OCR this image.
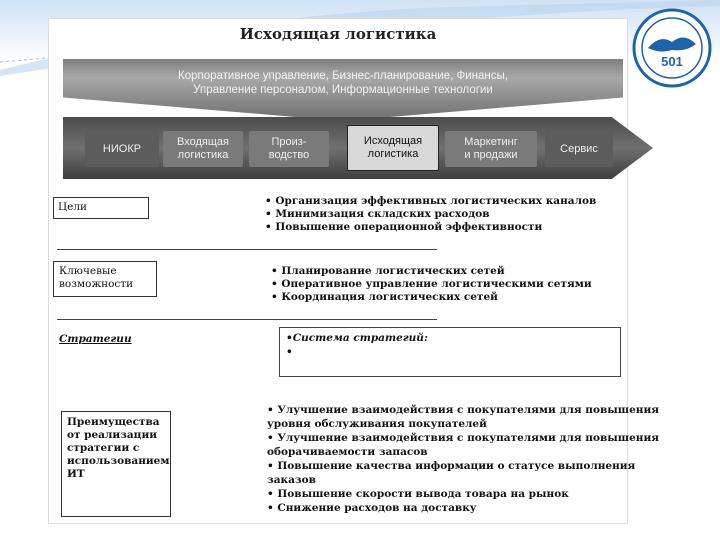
Исходящая логистика
Корпоративное управление, Бизнес-планирование, Финансы,
Управление персоналом, Информационные технологии
НИОКР
Входящая
логистика
Произ-
водство
Исходящая
логистика
Маркетинг
и продажи
Сервис
Цели	• Организация эффективных логистических каналов
• Минимизация складских расходов
• Повышение операционной эффективности
Ключевые
возможности
• Планирование логистических сетей
• Оперативное управление логистическими сетями
• Координация логистических сетей
Стратегии	•Система стратегий:
•
Преимущества
от реализации
стратегии с
использованием
ИТ
• Улучшение взаимодействия с покупателями для повышения
уровня обслуживания покупателей
• Улучшение взаимодействия с покупателями для повышения
оборачиваемости запасов
• Повышение качества информации о статусе выполнения
заказов
• Повышение скорости вывода товара на рынок
• Снижение расходов на доставку
501
